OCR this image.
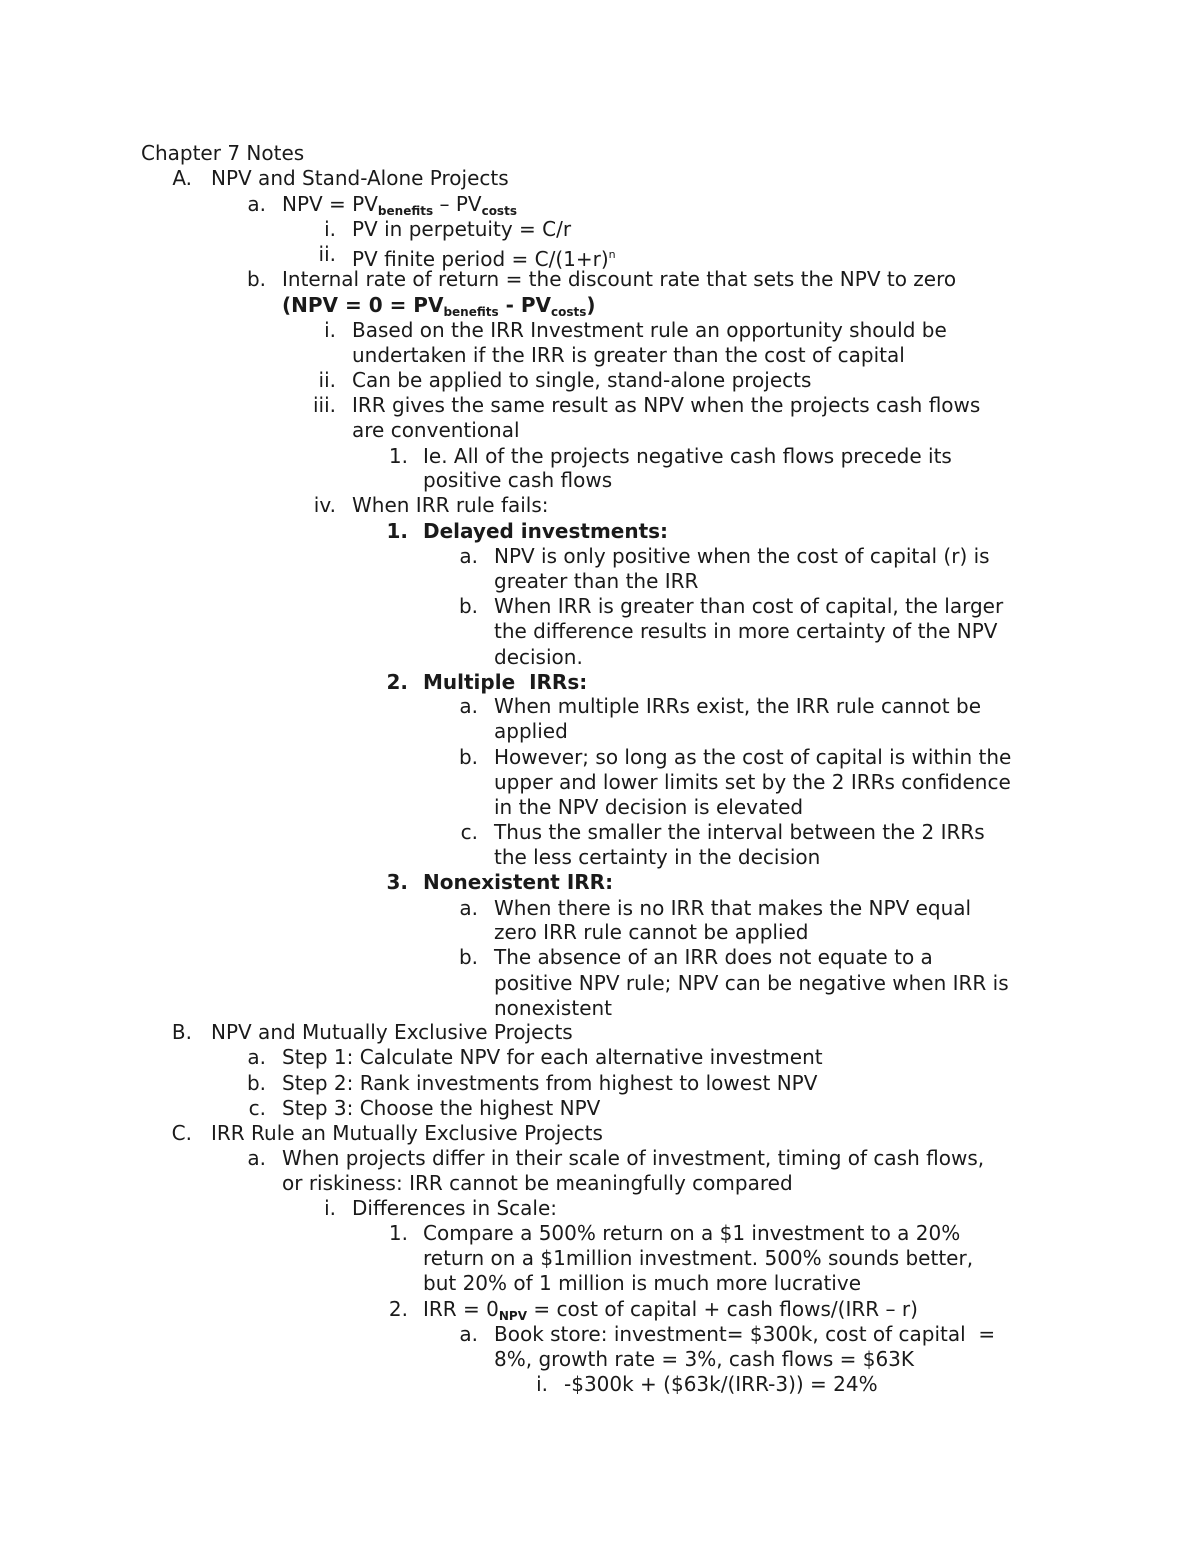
Chapter 7 Notes
A. NPV and Stand-Alone Projects
a. NPV = $PV_{benefits} - PV_{costs}$
i. PV in perpetuity = C/r
ii. PV finite period = $C/(1+r)^n$
b. Internal rate of return = the discount rate that sets the NPV to zero
$(NPV = 0 = PV_{benefits} - PV_{costs})$
i. Based on the IRR Investment rule an opportunity should be
undertaken if the IRR is greater than the cost of capital
ii. Can be applied to single, stand-alone projects
iii. IRR gives the same result as NPV when the projects cash flows
are conventional
1. Ie. All of the projects negative cash flows precede its
positive cash flows
iv. When IRR rule fails:
1. Delayed investments:
a. NPV is only positive when the cost of capital (r) is
greater than the IRR
b. When IRR is greater than cost of capital, the larger
the difference results in more certainty of the NPV
decision.
2. Multiple  IRRs:
a. When multiple IRRs exist, the IRR rule cannot be
applied
b. However; so long as the cost of capital is within the
upper and lower limits set by the 2 IRRs confidence
in the NPV decision is elevated
c. Thus the smaller the interval between the 2 IRRs
the less certainty in the decision
3. Nonexistent IRR:
a. When there is no IRR that makes the NPV equal
zero IRR rule cannot be applied
b. The absence of an IRR does not equate to a
positive NPV rule; NPV can be negative when IRR is
nonexistent
B. NPV and Mutually Exclusive Projects
a. Step 1: Calculate NPV for each alternative investment
b. Step 2: Rank investments from highest to lowest NPV
c. Step 3: Choose the highest NPV
C. IRR Rule an Mutually Exclusive Projects
a. When projects differ in their scale of investment, timing of cash flows,
or riskiness: IRR cannot be meaningfully compared
i. Differences in Scale:
1. Compare a 500% return on a $1 investment to a 20%
return on a $1million investment. 500% sounds better,
but 20% of 1 million is much more lucrative
2. IRR = $0_{NPV} = \cos t$ of capital + cash flows/(IRR – r)
a. Book store: investment= $300k, cost of capital  =
8%, growth rate = 3%, cash flows = $63K
i. -$300k + ($63k/(IRR-3)) = 24%
